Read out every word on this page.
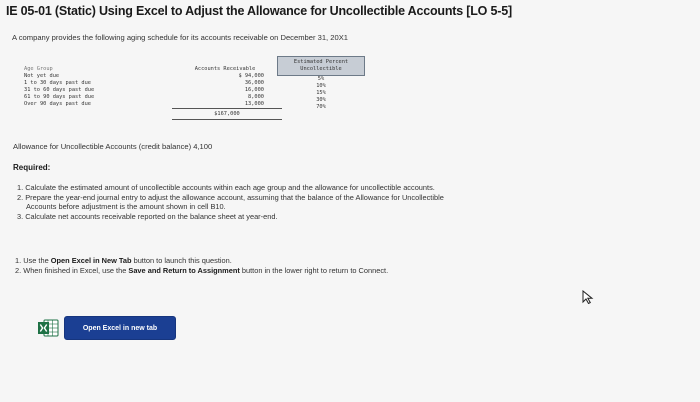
IE 05-01 (Static) Using Excel to Adjust the Allowance for Uncollectible Accounts [LO 5-5]
A company provides the following aging schedule for its accounts receivable on December 31, 20X1
Estimated Percent
Uncollectible
Accounts Receivable
Age Group
Not yet due
1 to 30 days past due
31 to 60 days past due
61 to 90 days past due
Over 90 days past due
$ 94,000
36,000
16,000
8,000
13,000
5%
10%
15%
30%
70%
$167,000
Allowance for Uncollectible Accounts (credit balance) 4,100
Required:
1. Calculate the estimated amount of uncollectible accounts within each age group and the allowance for uncollectible accounts.
2. Prepare the year-end journal entry to adjust the allowance account, assuming that the balance of the Allowance for Uncollectible
Accounts before adjustment is the amount shown in cell B10.
3. Calculate net accounts receivable reported on the balance sheet at year-end.
1. Use the Open Excel in New Tab button to launch this question.
2. When finished in Excel, use the Save and Return to Assignment button in the lower right to return to Connect.
Open Excel in new tab
